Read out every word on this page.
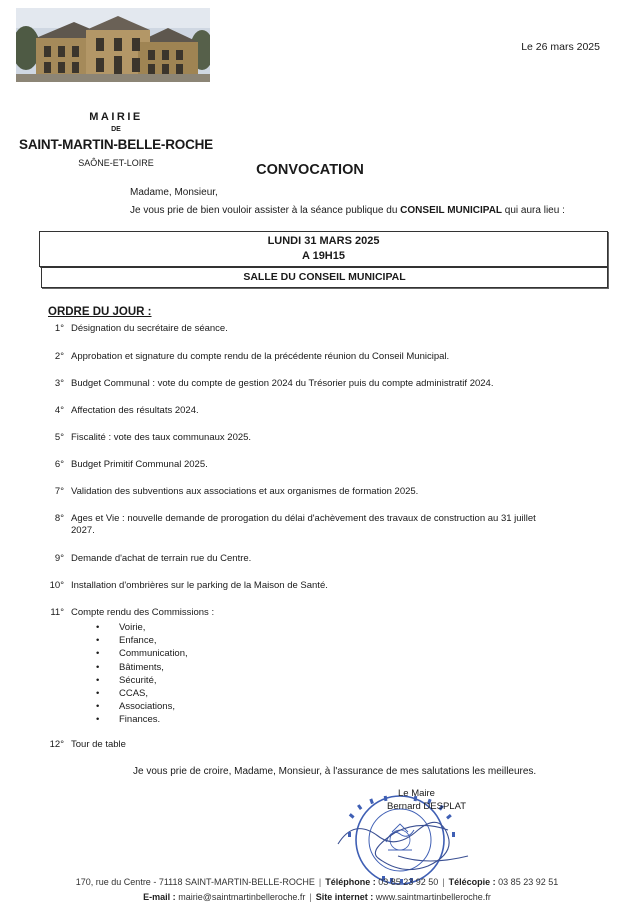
Le 26 mars 2025
MAIRIE
DE
SAINT-MARTIN-BELLE-ROCHE
SAÔNE-ET-LOIRE	CONVOCATION
Madame, Monsieur,
Je vous prie de bien vouloir assister à la séance publique du CONSEIL MUNICIPAL qui aura lieu :
LUNDI 31 MARS 2025
A 19H15
SALLE DU CONSEIL MUNICIPAL
ORDRE DU JOUR :
1° Désignation du secrétaire de séance.
2° Approbation et signature du compte rendu de la précédente réunion du Conseil Municipal.
3° Budget Communal : vote du compte de gestion 2024 du Trésorier puis du compte administratif 2024.
4° Affectation des résultats 2024.
5° Fiscalité : vote des taux communaux 2025.
6° Budget Primitif Communal 2025.
7° Validation des subventions aux associations et aux organismes de formation 2025.
8° Ages et Vie : nouvelle demande de prorogation du délai d'achèvement des travaux de construction au 31 juillet
2027.
9° Demande d'achat de terrain rue du Centre.
10° Installation d'ombrières sur le parking de la Maison de Santé.
11° Compte rendu des Commissions :
12° Tour de table
• Voirie,
• Enfance,
• Communication,
• Bâtiments,
• Sécurité,
• CCAS,
• Associations,
• Finances.
Je vous prie de croire, Madame, Monsieur, à l'assurance de mes salutations les meilleures.
Le Maire
Bernard DESPLAT
170, rue du Centre - 71118 SAINT-MARTIN-BELLE-ROCHE | Téléphone : 03 85 23 92 50 | Télécopie : 03 85 23 92 51
E-mail : mairie@saintmartinbelleroche.fr | Site internet : www.saintmartinbelleroche.fr
